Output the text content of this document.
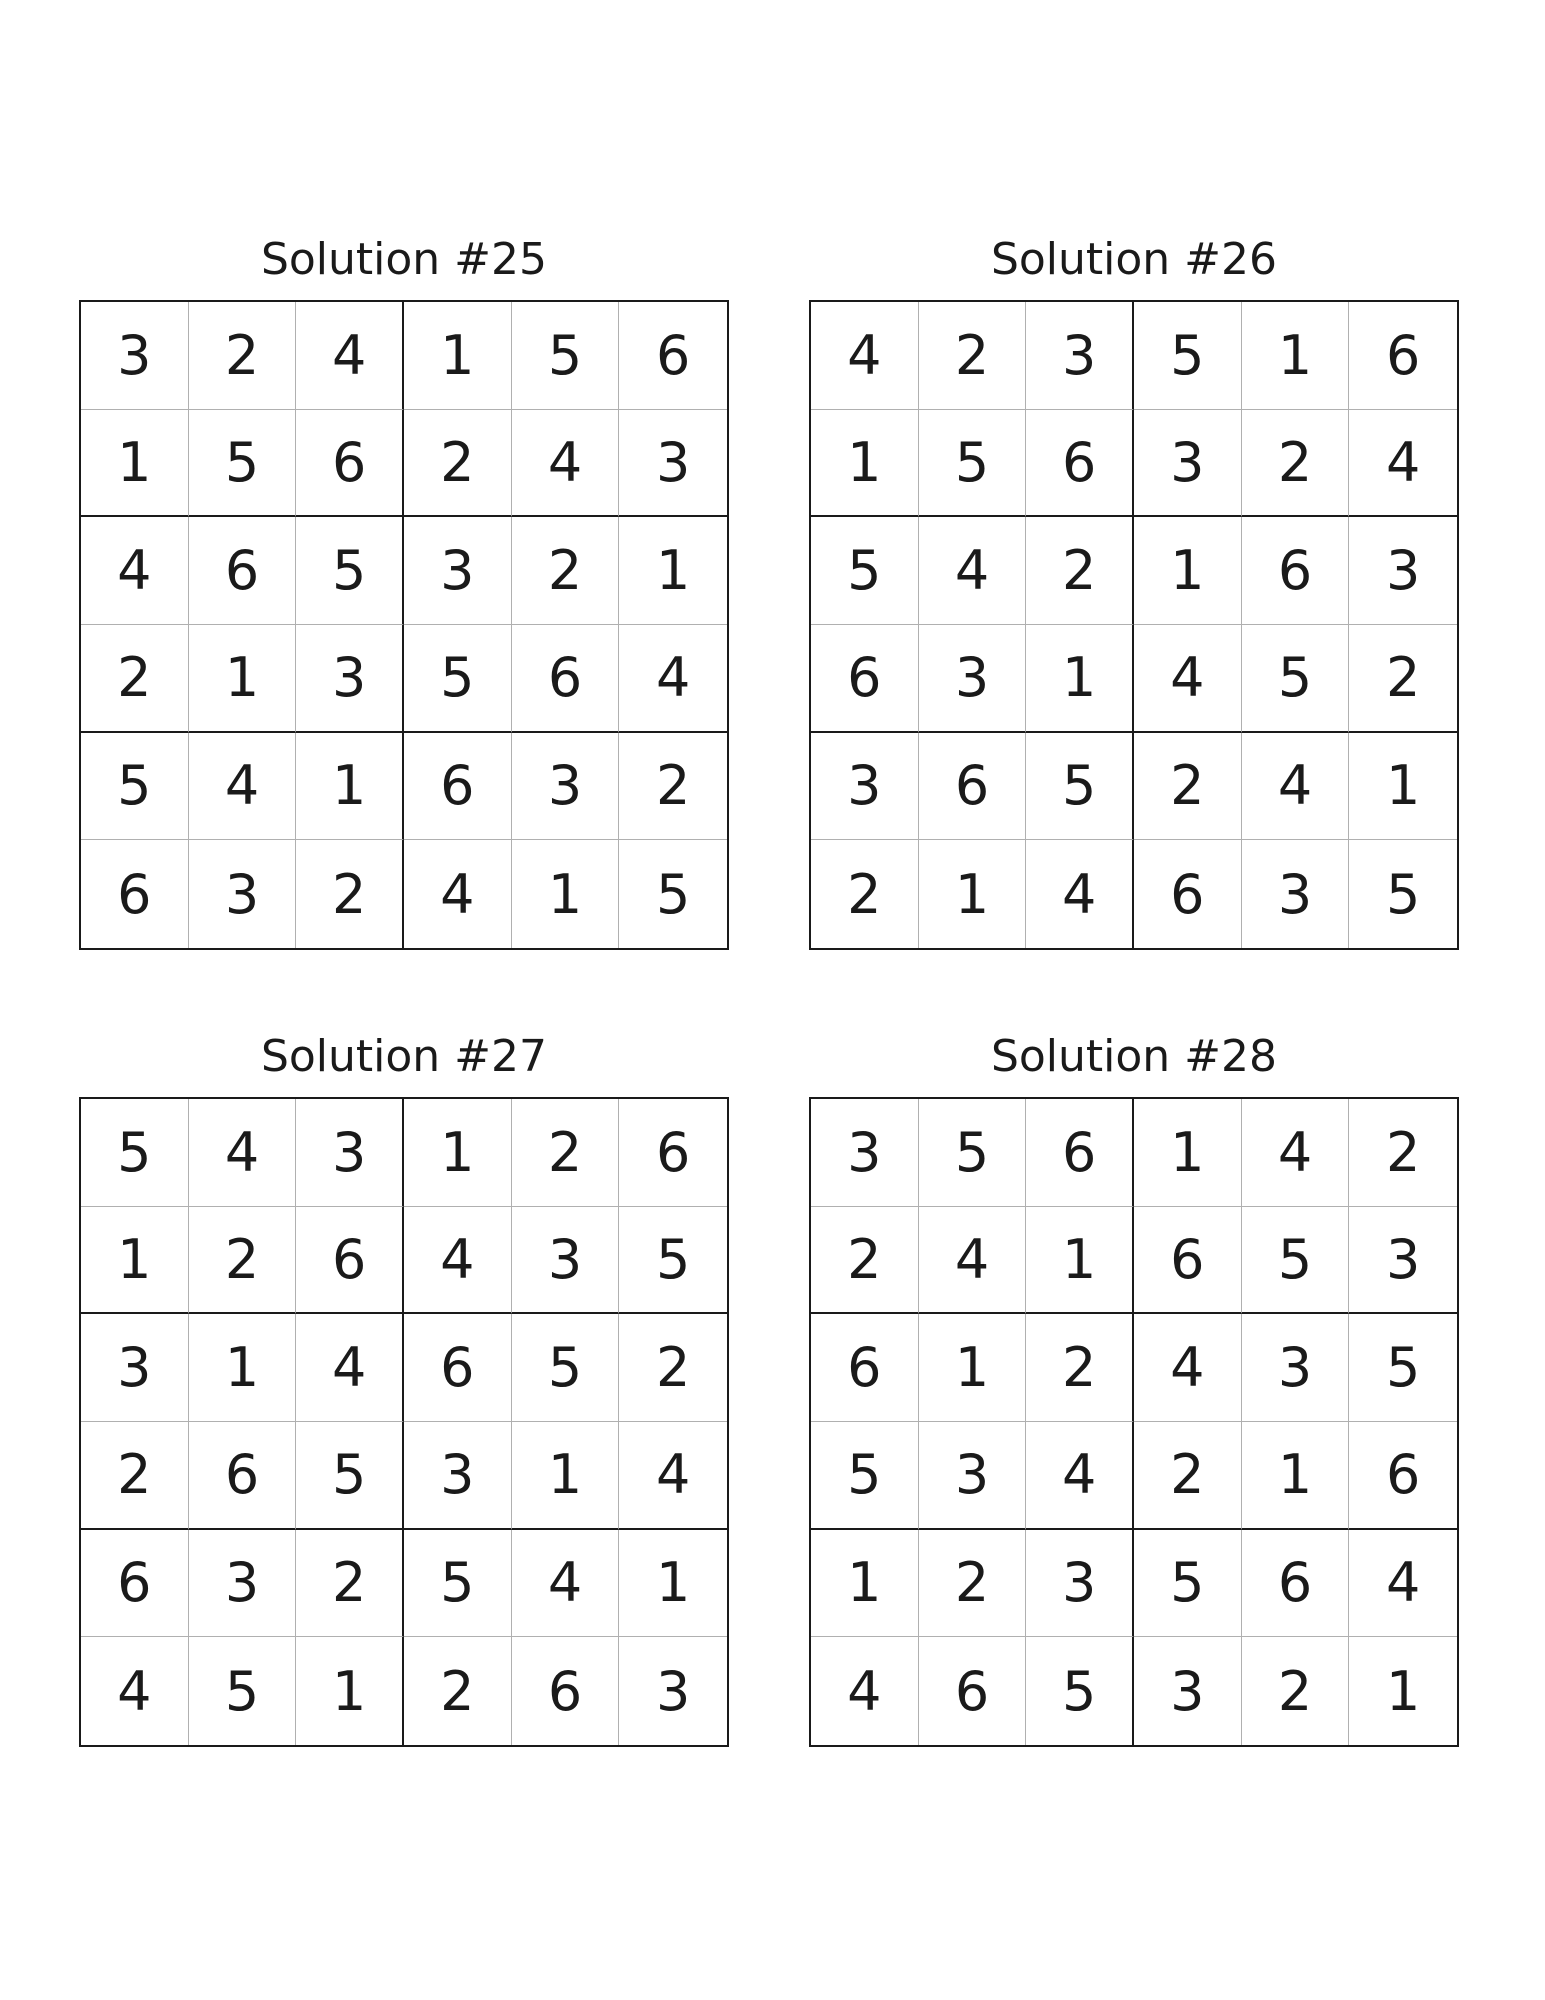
Solution #25
3	2	4	1	5	6
1	5	6	2	4	3
4	6	5	3	2	1
2	1	3	5	6	4
5	4	1	6	3	2
6	3	2	4	1	5
Solution #26
4	2	3	5	1	6
1	5	6	3	2	4
5	4	2	1	6	3
6	3	1	4	5	2
3	6	5	2	4	1
2	1	4	6	3	5
Solution #27
5	4	3	1	2	6
1	2	6	4	3	5
3	1	4	6	5	2
2	6	5	3	1	4
6	3	2	5	4	1
4	5	1	2	6	3
Solution #28
3	5	6	1	4	2
2	4	1	6	5	3
6	1	2	4	3	5
5	3	4	2	1	6
1	2	3	5	6	4
4	6	5	3	2	1
